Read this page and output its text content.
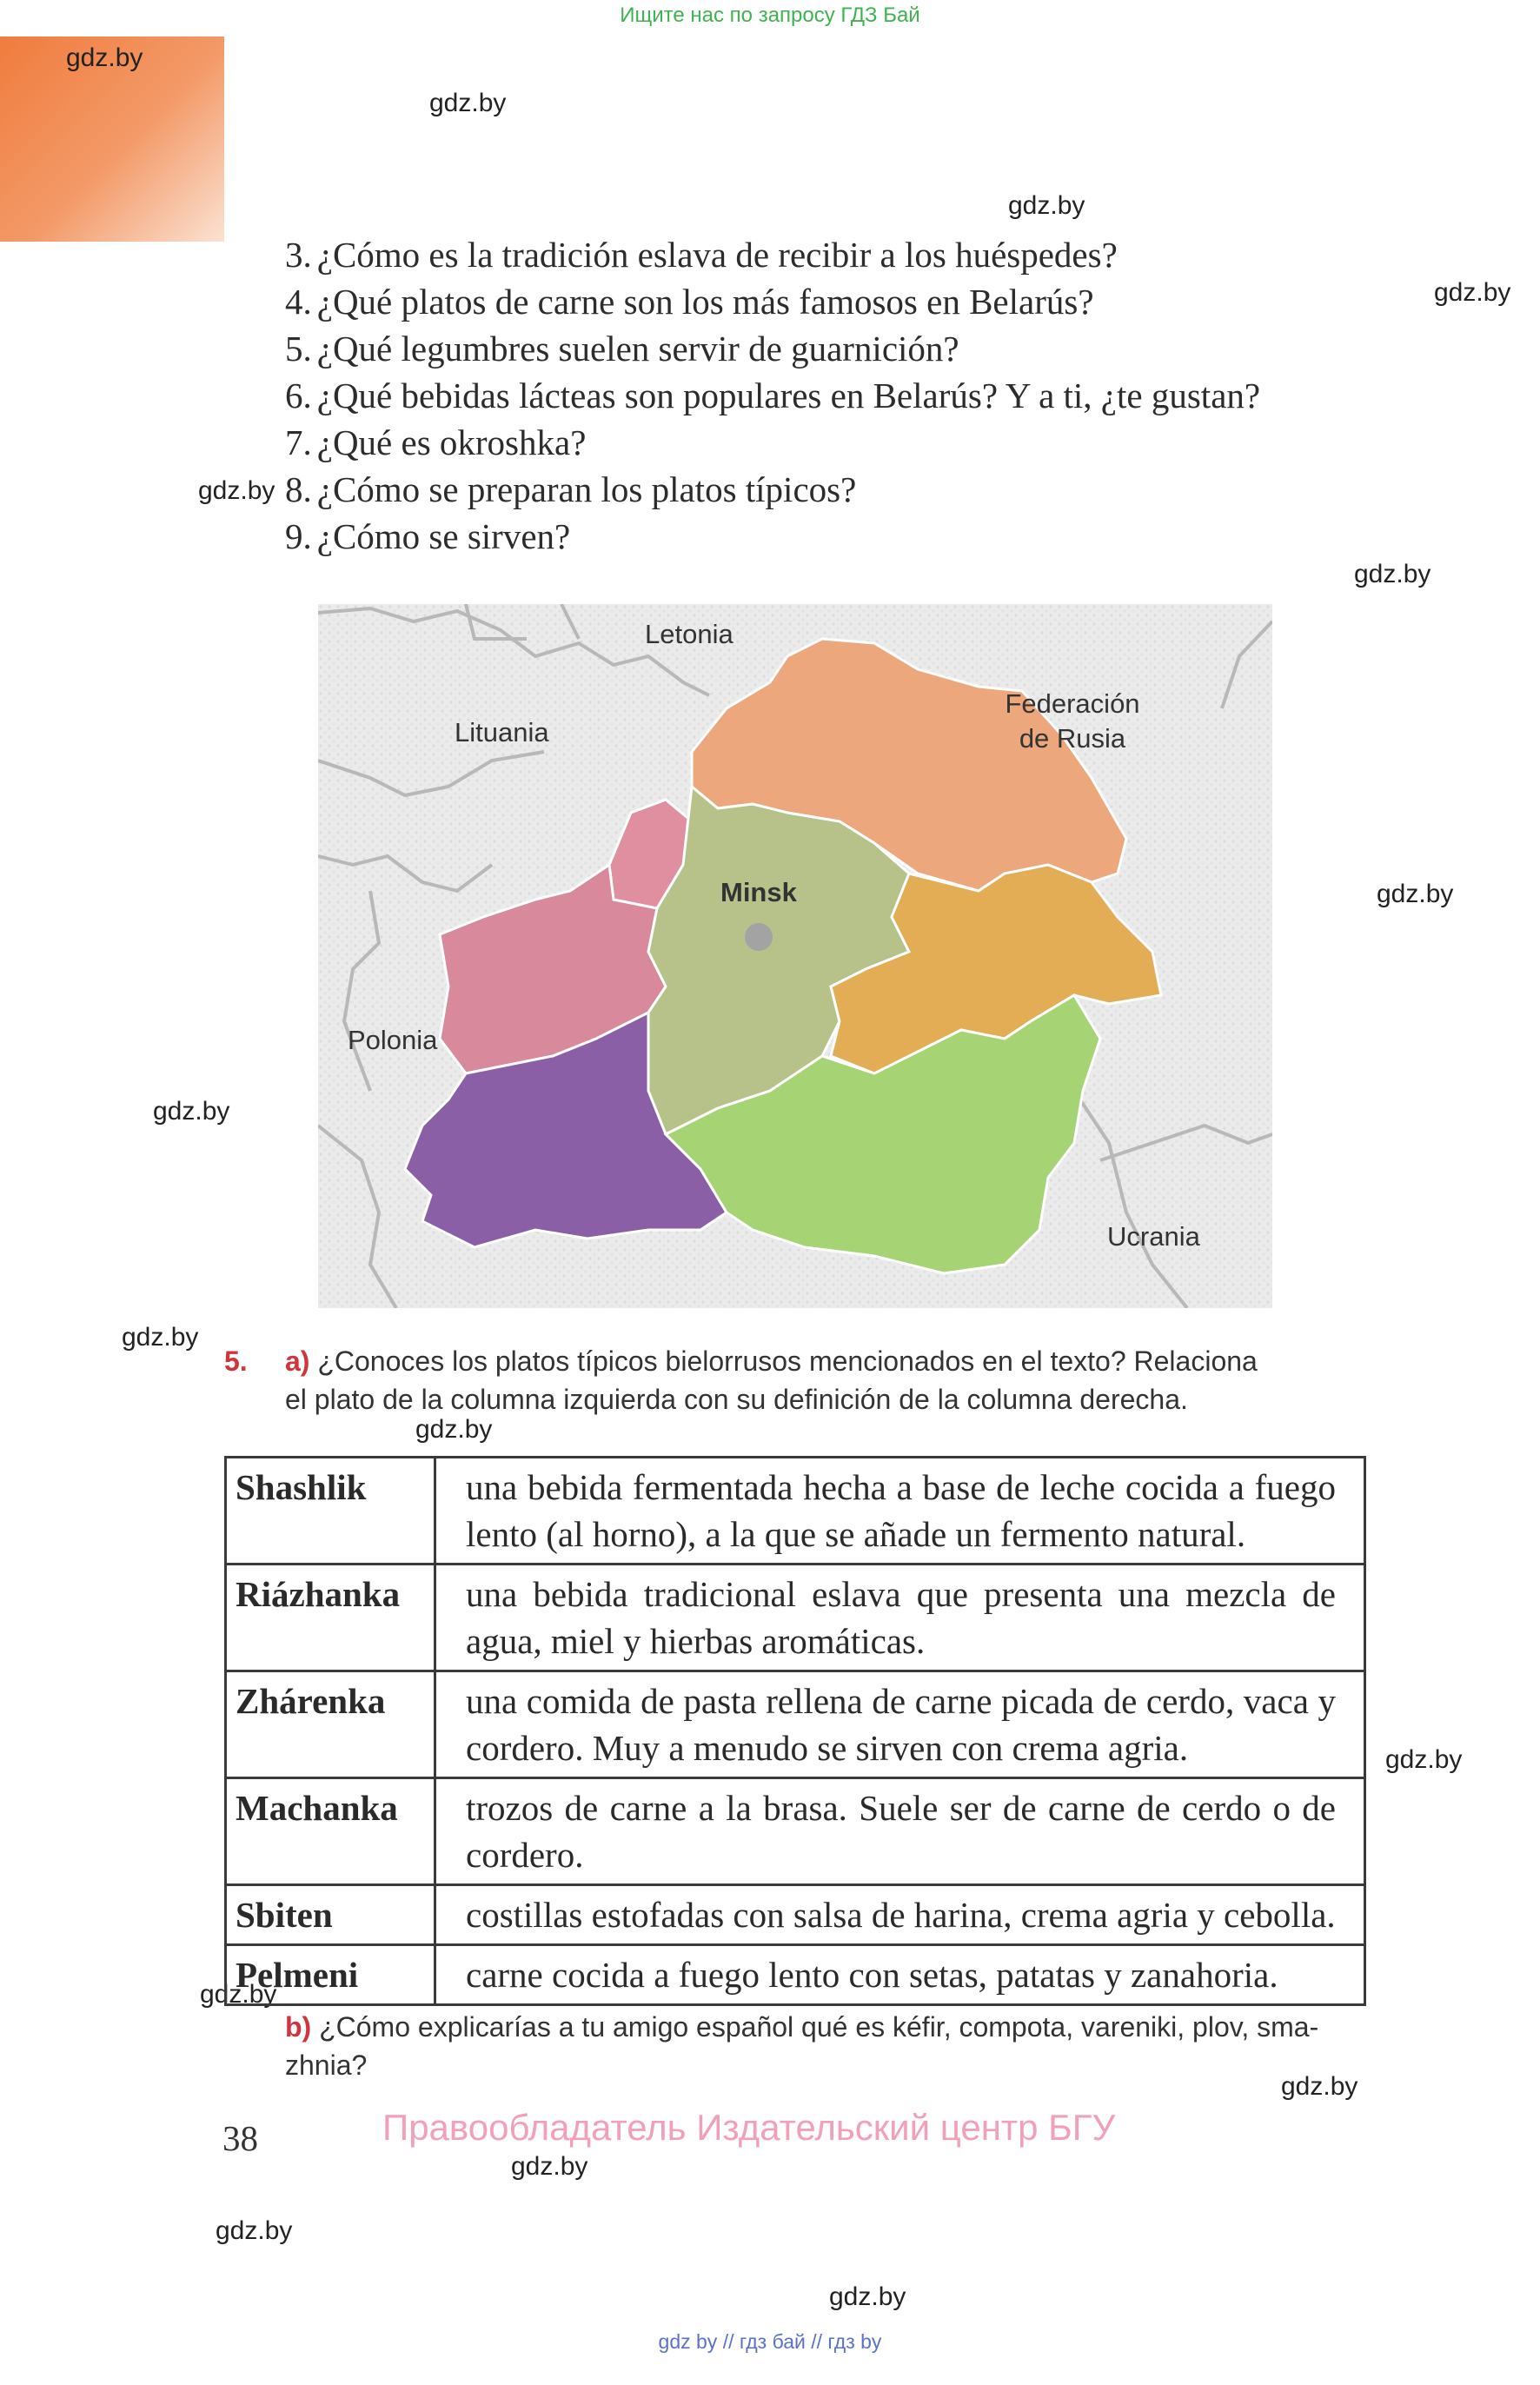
Ищите нас по запросу ГДЗ Бай
gdz.by
gdz.by
gdz.by
gdz.by
gdz.by
gdz.by
gdz.by
gdz.by
gdz.by
gdz.by
gdz.by
gdz.by
gdz.by
gdz.by
gdz.by
gdz.by
3. ¿Cómo es la tradición eslava de recibir a los huéspedes?
4. ¿Qué platos de carne son los más famosos en Belarús?
5. ¿Qué legumbres suelen servir de guarnición?
6. ¿Qué bebidas lácteas son populares en Belarús? Y a ti, ¿te gustan?
7. ¿Qué es okroshka?
8. ¿Cómo se preparan los platos típicos?
9. ¿Cómo se sirven?
Letonia
Lituania
Federación
de Rusia
Minsk
Polonia
Ucrania
5. a) ¿Conoces los platos típicos bielorrusos mencionados en el texto? Relaciona
el plato de la columna izquierda con su definición de la columna derecha.
Shashlik	una bebida fermentada hecha a base de leche cocida a fuego lento (al horno), a la que se añade un fermento natural.
Riázhanka	una bebida tradicional eslava que presenta una mezcla de agua, miel y hierbas aromáticas.
Zhárenka	una comida de pasta rellena de carne picada de cerdo, vaca y cordero. Muy a menudo se sirven con crema agria.
Machanka	trozos de carne a la brasa. Suele ser de carne de cerdo o de cordero.
Sbiten	costillas estofadas con salsa de harina, crema agria y cebolla.
Pelmeni	carne cocida a fuego lento con setas, patatas y zanahoria.
b) ¿Cómo explicarías a tu amigo español qué es kéfir, compota, vareniki, plov, sma-
zhnia?
38	Правообладатель Издательский центр БГУ
gdz by // гдз бай // гдз by
